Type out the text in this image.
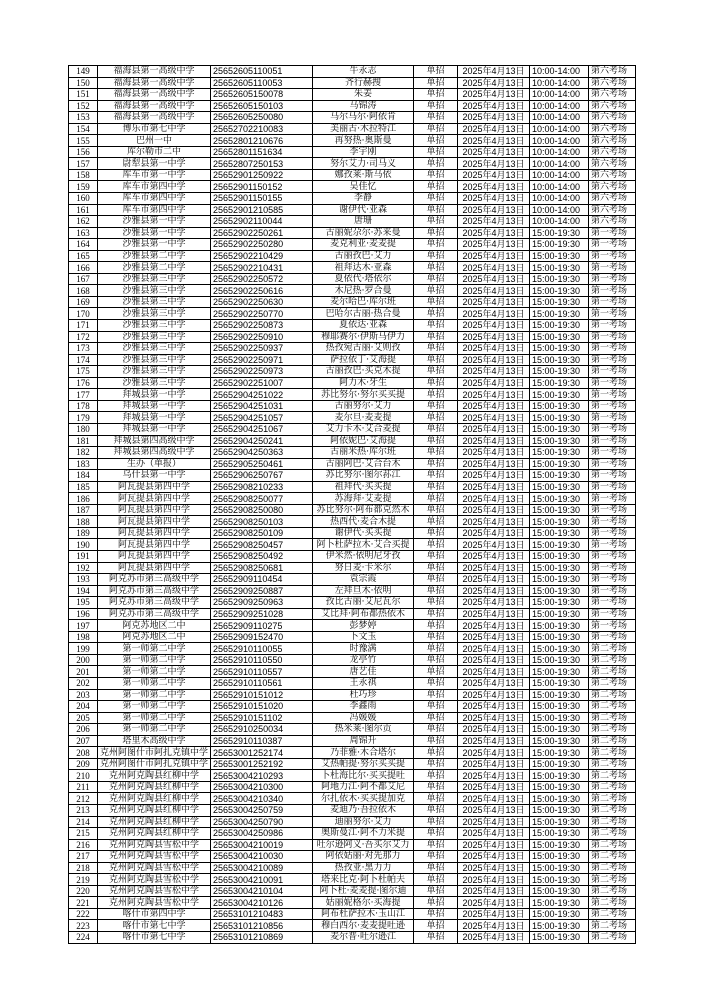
149	福海县第一高级中学	25652605110051	牛永志	单招	2025年4月13日	10:00-14:00	第六考场
150	福海县第一高级中学	25652605110053	齐行赫搜	单招	2025年4月13日	10:00-14:00	第六考场
151	福海县第一高级中学	25652605150078	朱姜	单招	2025年4月13日	10:00-14:00	第六考场
152	福海县第一高级中学	25652605150103	马锦涛	单招	2025年4月13日	10:00-14:00	第六考场
153	福海县第一高级中学	25652605250080	马尔马尔·阿依肯	单招	2025年4月13日	10:00-14:00	第六考场
154	博乐市第七中学	25652702210083	美丽古·木拉特江	单招	2025年4月13日	10:00-14:00	第六考场
155	巴州一中	25652801210676	再努热·奥斯曼	单招	2025年4月13日	10:00-14:00	第六考场
156	库尔勒市二中	25652801151634	李宇刚	单招	2025年4月13日	10:00-14:00	第六考场
157	尉犁县第一中学	25652807250153	努尔艾力·司马义	单招	2025年4月13日	10:00-14:00	第六考场
158	库车市第一中学	25652901250922	娜孜莱·斯马依	单招	2025年4月13日	10:00-14:00	第六考场
159	库车市第四中学	25652901150152	吴佳忆	单招	2025年4月13日	10:00-14:00	第六考场
160	库车市第四中学	25652901150155	李静	单招	2025年4月13日	10:00-14:00	第六考场
161	库车市第四中学	25652901210585	谢伊代·亚森	单招	2025年4月13日	10:00-14:00	第六考场
162	沙雅县第一中学	25652902110044	唐珊	单招	2025年4月13日	10:00-14:00	第六考场
163	沙雅县第一中学	25652902250261	古丽妮尕尔·苏来曼	单招	2025年4月13日	15:00-19:30	第一考场
164	沙雅县第一中学	25652902250280	麦克利亚·麦麦提	单招	2025年4月13日	15:00-19:30	第一考场
165	沙雅县第二中学	25652902210429	古丽孜巴·艾力	单招	2025年4月13日	15:00-19:30	第一考场
166	沙雅县第二中学	25652902210431	祖拜达木·亚森	单招	2025年4月13日	15:00-19:30	第一考场
167	沙雅县第三中学	25652902250572	夏依代·塔依尔	单招	2025年4月13日	15:00-19:30	第一考场
168	沙雅县第三中学	25652902250616	木尼热·罗合曼	单招	2025年4月13日	15:00-19:30	第一考场
169	沙雅县第三中学	25652902250630	麦尔哈巴·库尔班	单招	2025年4月13日	15:00-19:30	第一考场
170	沙雅县第三中学	25652902250770	巴哈尔古丽·热合曼	单招	2025年4月13日	15:00-19:30	第一考场
171	沙雅县第三中学	25652902250873	夏依达·亚森	单招	2025年4月13日	15:00-19:30	第一考场
172	沙雅县第三中学	25652902250910	穆耶赛尔·伊斯马伊力	单招	2025年4月13日	15:00-19:30	第一考场
173	沙雅县第三中学	25652902250937	热孜宛古丽·艾则孜	单招	2025年4月13日	15:00-19:30	第一考场
174	沙雅县第三中学	25652902250971	萨拉依丁·艾海提	单招	2025年4月13日	15:00-19:30	第一考场
175	沙雅县第三中学	25652902250973	古丽孜巴·买克木提	单招	2025年4月13日	15:00-19:30	第一考场
176	沙雅县第三中学	25652902251007	阿力木·牙生	单招	2025年4月13日	15:00-19:30	第一考场
177	拜城县第一中学	25652904251022	苏比努尔·努尔买买提	单招	2025年4月13日	15:00-19:30	第一考场
178	拜城县第一中学	25652904251031	古丽努尔·艾力	单招	2025年4月13日	15:00-19:30	第一考场
179	拜城县第一中学	25652904251057	麦尔旦·麦麦提	单招	2025年4月13日	15:00-19:30	第一考场
180	拜城县第一中学	25652904251067	艾力卡木·艾合麦提	单招	2025年4月13日	15:00-19:30	第一考场
181	拜城县第四高级中学	25652904250241	阿依妮巴·艾海提	单招	2025年4月13日	15:00-19:30	第一考场
182	拜城县第四高级中学	25652904250363	古丽米热·库尔班	单招	2025年4月13日	15:00-19:30	第一考场
183	生办（单报）	25652905250461	古丽阿巴·艾合台木	单招	2025年4月13日	15:00-19:30	第一考场
184	乌什县第一中学	25652906250767	苏比努尔·图尔荪江	单招	2025年4月13日	15:00-19:30	第一考场
185	阿瓦提县第四中学	25652908210233	祖拜代·买买提	单招	2025年4月13日	15:00-19:30	第一考场
186	阿瓦提县第四中学	25652908250077	苏海拜·艾麦提	单招	2025年4月13日	15:00-19:30	第一考场
187	阿瓦提县第四中学	25652908250080	苏比努尔·阿布都克然木	单招	2025年4月13日	15:00-19:30	第一考场
188	阿瓦提县第四中学	25652908250103	热西代·麦合木提	单招	2025年4月13日	15:00-19:30	第一考场
189	阿瓦提县第四中学	25652908250109	谢伊代·买买提	单招	2025年4月13日	15:00-19:30	第一考场
190	阿瓦提县第四中学	25652908250457	阿卜杜萨拉木·艾合买提	单招	2025年4月13日	15:00-19:30	第一考场
191	阿瓦提县第四中学	25652908250492	伊米然·依明尼牙孜	单招	2025年4月13日	15:00-19:30	第一考场
192	阿瓦提县第四中学	25652908250681	努日麦·卡米尔	单招	2025年4月13日	15:00-19:30	第一考场
193	阿克苏市第三高级中学	25652909110454	袁宗霞	单招	2025年4月13日	15:00-19:30	第一考场
194	阿克苏市第三高级中学	25652909250887	左拜旦木·依明	单招	2025年4月13日	15:00-19:30	第一考场
195	阿克苏市第三高级中学	25652909250963	孜比古丽·艾尼瓦尔	单招	2025年4月13日	15:00-19:30	第一考场
196	阿克苏市第三高级中学	25652909251028	艾比拜·阿布都热依木	单招	2025年4月13日	15:00-19:30	第一考场
197	阿克苏地区二中	25652909110275	彭梦婷	单招	2025年4月13日	15:00-19:30	第一考场
198	阿克苏地区二中	25652909152470	卜文玉	单招	2025年4月13日	15:00-19:30	第一考场
199	第一师第二中学	25652910110055	时豫满	单招	2025年4月13日	15:00-19:30	第二考场
200	第一师第二中学	25652910110550	龙亭竹	单招	2025年4月13日	15:00-19:30	第二考场
201	第一师第二中学	25652910110557	唐艺佳	单招	2025年4月13日	15:00-19:30	第二考场
202	第一师第二中学	25652910110561	王永祺	单招	2025年4月13日	15:00-19:30	第二考场
203	第一师第二中学	25652910151012	杜巧珍	单招	2025年4月13日	15:00-19:30	第二考场
204	第一师第二中学	25652910151020	李鑫雨	单招	2025年4月13日	15:00-19:30	第二考场
205	第一师第二中学	25652910151102	冯媛媛	单招	2025年4月13日	15:00-19:30	第二考场
206	第一师第二中学	25652910250034	热米莱·图尔贡	单招	2025年4月13日	15:00-19:30	第二考场
207	塔里木高级中学	25652910110387	周锦升	单招	2025年4月13日	15:00-19:30	第二考场
208	克州阿图什市阿扎克镇中学	25653001252174	乃菲雅·木合塔尔	单招	2025年4月13日	15:00-19:30	第二考场
209	克州阿图什市阿扎克镇中学	25653001252192	艾热帕提·努尔买买提	单招	2025年4月13日	15:00-19:30	第二考场
210	克州阿克陶县红柳中学	25653004210293	卜杜海比尔·买买提吐	单招	2025年4月13日	15:00-19:30	第二考场
211	克州阿克陶县红柳中学	25653004210300	阿地力江·阿不都艾尼	单招	2025年4月13日	15:00-19:30	第二考场
212	克州阿克陶县红柳中学	25653004210340	尔扎依木·买买提加克	单招	2025年4月13日	15:00-19:30	第二考场
213	克州阿克陶县红柳中学	25653004250759	麦迪乃·吾拉依木	单招	2025年4月13日	15:00-19:30	第二考场
214	克州阿克陶县红柳中学	25653004250790	迪丽努尔·艾力	单招	2025年4月13日	15:00-19:30	第二考场
215	克州阿克陶县红柳中学	25653004250986	奥斯曼江·阿不力米提	单招	2025年4月13日	15:00-19:30	第二考场
216	克州阿克陶县雪松中学	25653004210019	吐尔逊阿义·吾买尔艾力	单招	2025年4月13日	15:00-19:30	第二考场
217	克州阿克陶县雪松中学	25653004210030	阿依姑丽·对先那力	单招	2025年4月13日	15:00-19:30	第二考场
218	克州阿克陶县雪松中学	25653004210089	热孜亚·黑力力	单招	2025年4月13日	15:00-19:30	第二考场
219	克州阿克陶县雪松中学	25653004210091	塔来比克·阿卜杜帕夫	单招	2025年4月13日	15:00-19:30	第二考场
220	克州阿克陶县雪松中学	25653004210104	阿卜杜·麦麦提·图尔迪	单招	2025年4月13日	15:00-19:30	第二考场
221	克州阿克陶县雪松中学	25653004210126	姑丽妮格尔·买海提	单招	2025年4月13日	15:00-19:30	第二考场
222	喀什市第四中学	25653101210483	阿布杜萨拉木·玉山江	单招	2025年4月13日	15:00-19:30	第二考场
223	喀什市第七中学	25653101210856	穆白西尔·麦麦提吐逊	单招	2025年4月13日	15:00-19:30	第二考场
224	喀什市第七中学	25653101210869	麦尔普·吐尔逊江	单招	2025年4月13日	15:00-19:30	第二考场
